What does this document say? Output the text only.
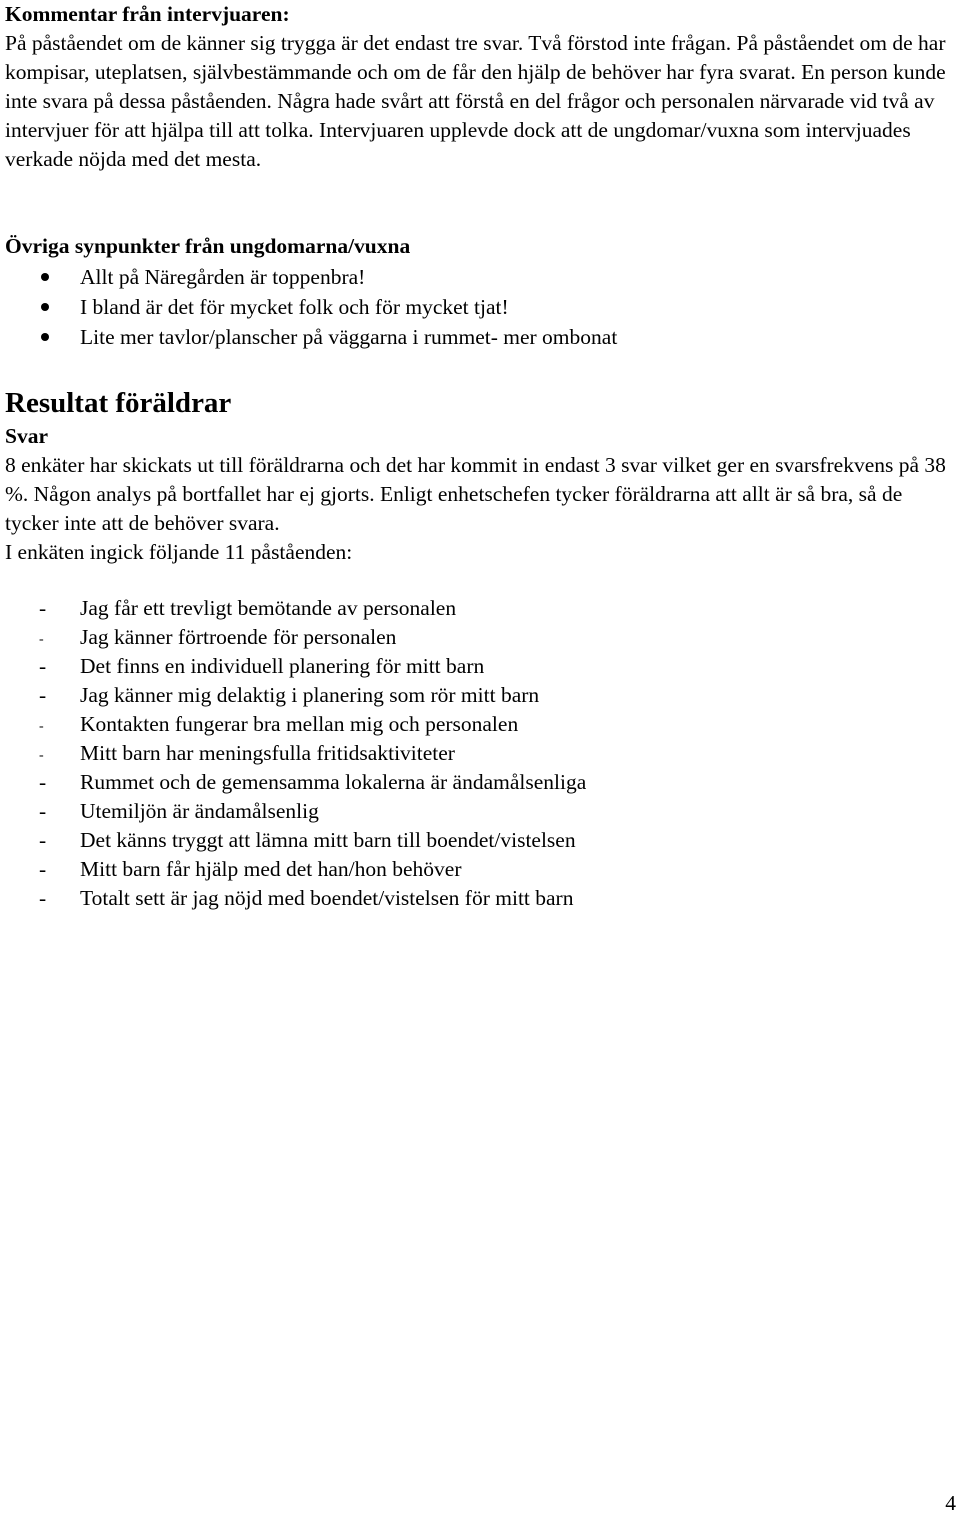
Kommentar från intervjuaren:

På påståendet om de känner sig trygga är det endast tre svar. Två förstod inte frågan. På påståendet om de har kompisar, uteplatsen, självbestämmande och om de får den hjälp de behöver har fyra svarat. En person kunde inte svara på dessa påståenden. Några hade svårt att förstå en del frågor och personalen närvarade vid två av intervjuer för att hjälpa till att tolka. Intervjuaren upplevde dock att de ungdomar/vuxna som intervjuades verkade nöjda med det mesta.

Övriga synpunkter från ungdomarna/vuxna

Allt på Näregården är toppenbra!
I bland är det för mycket folk och för mycket tjat!
Lite mer tavlor/planscher på väggarna i rummet- mer ombonat
Resultat föräldrar

Svar

8 enkäter har skickats ut till föräldrarna och det har kommit in endast 3 svar vilket ger en svarsfrekvens på 38 %. Någon analys på bortfallet har ej gjorts. Enligt enhetschefen tycker föräldrarna att allt är så bra, så de tycker inte att de behöver svara.

I enkäten ingick följande 11 påståenden:

- Jag får ett trevligt bemötande av personalen
- Jag känner förtroende för personalen
- Det finns en individuell planering för mitt barn
- Jag känner mig delaktig i planering som rör mitt barn
- Kontakten fungerar bra mellan mig och personalen
- Mitt barn har meningsfulla fritidsaktiviteter
- Rummet och de gemensamma lokalerna är ändamålsenliga
- Utemiljön är ändamålsenlig
- Det känns tryggt att lämna mitt barn till boendet/vistelsen
- Mitt barn får hjälp med det han/hon behöver
- Totalt sett är jag nöjd med boendet/vistelsen för mitt barn
4
